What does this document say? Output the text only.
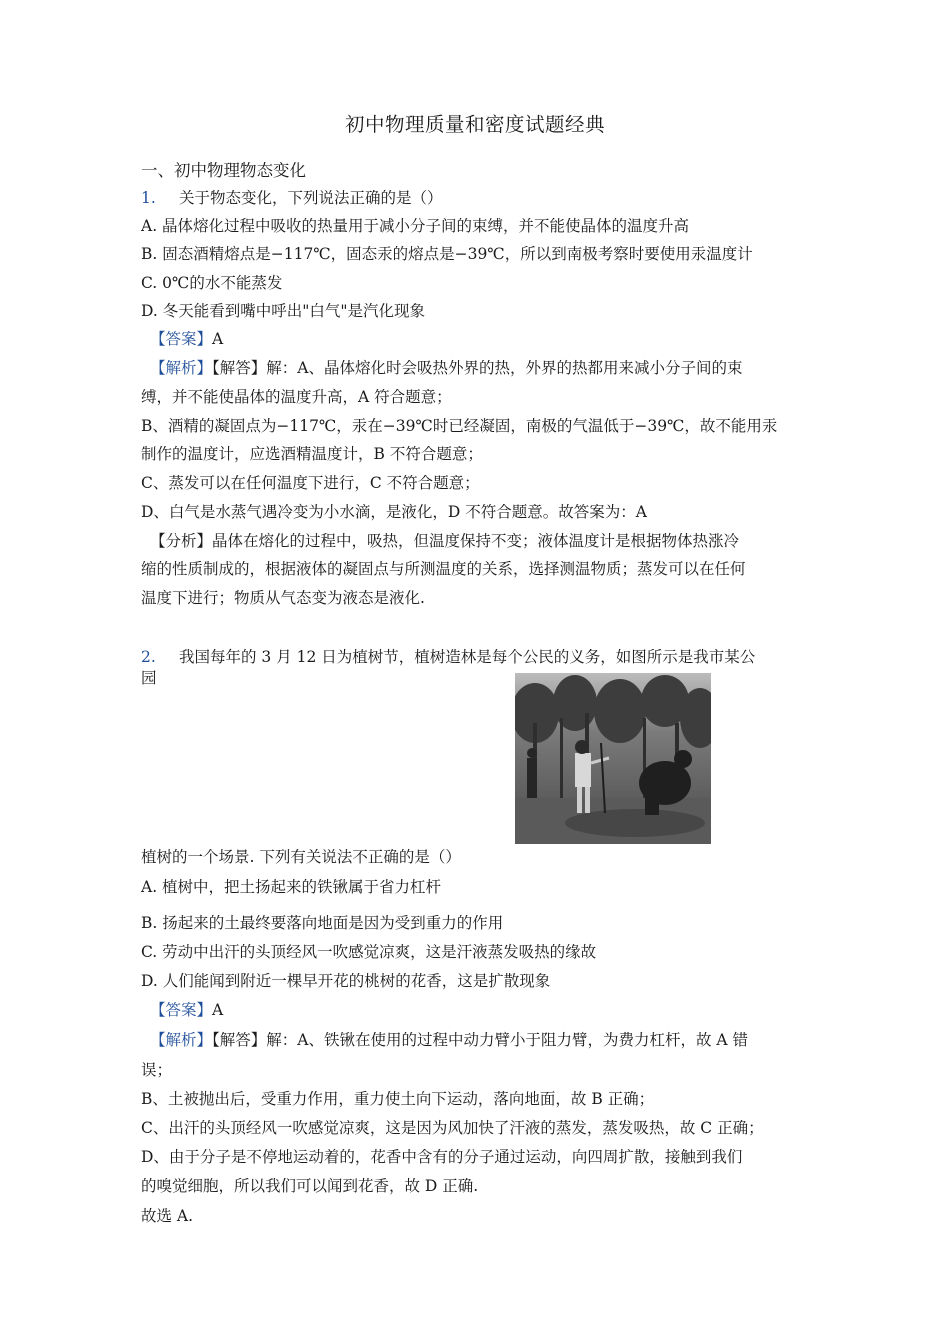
初中物理质量和密度试题经典
一、初中物理物态变化
1. 关于物态变化，下列说法正确的是（）
A. 晶体熔化过程中吸收的热量用于减小分子间的束缚，并不能使晶体的温度升高
B. 固态酒精熔点是−117℃，固态汞的熔点是−39℃，所以到南极考察时要使用汞温度计
C. 0℃的水不能蒸发
D. 冬天能看到嘴中呼出"白气"是汽化现象
【答案】A
【解析】【解答】解：A、晶体熔化时会吸热外界的热，外界的热都用来减小分子间的束
缚，并不能使晶体的温度升高，A 符合题意；
B、酒精的凝固点为−117℃，汞在−39℃时已经凝固，南极的气温低于−39℃，故不能用汞
制作的温度计，应选酒精温度计，B 不符合题意；
C、蒸发可以在任何温度下进行，C 不符合题意；
D、白气是水蒸气遇冷变为小水滴，是液化，D 不符合题意。故答案为：A
【分析】晶体在熔化的过程中，吸热，但温度保持不变；液体温度计是根据物体热涨冷
缩的性质制成的，根据液体的凝固点与所测温度的关系，选择测温物质；蒸发可以在任何
温度下进行；物质从气态变为液态是液化.
2. 我国每年的 3 月 12 日为植树节，植树造林是每个公民的义务，如图所示是我市某公
园
植树的一个场景. 下列有关说法不正确的是（）
A. 植树中，把土扬起来的铁锹属于省力杠杆
B. 扬起来的土最终要落向地面是因为受到重力的作用
C. 劳动中出汗的头顶经风一吹感觉凉爽，这是汗液蒸发吸热的缘故
D. 人们能闻到附近一棵早开花的桃树的花香，这是扩散现象
【答案】A
【解析】【解答】解：A、铁锹在使用的过程中动力臂小于阻力臂，为费力杠杆，故 A 错
误；
B、土被抛出后，受重力作用，重力使土向下运动，落向地面，故 B 正确；
C、出汗的头顶经风一吹感觉凉爽，这是因为风加快了汗液的蒸发，蒸发吸热，故 C 正确；
D、由于分子是不停地运动着的，花香中含有的分子通过运动，向四周扩散，接触到我们
的嗅觉细胞，所以我们可以闻到花香，故 D 正确.
故选 A.
